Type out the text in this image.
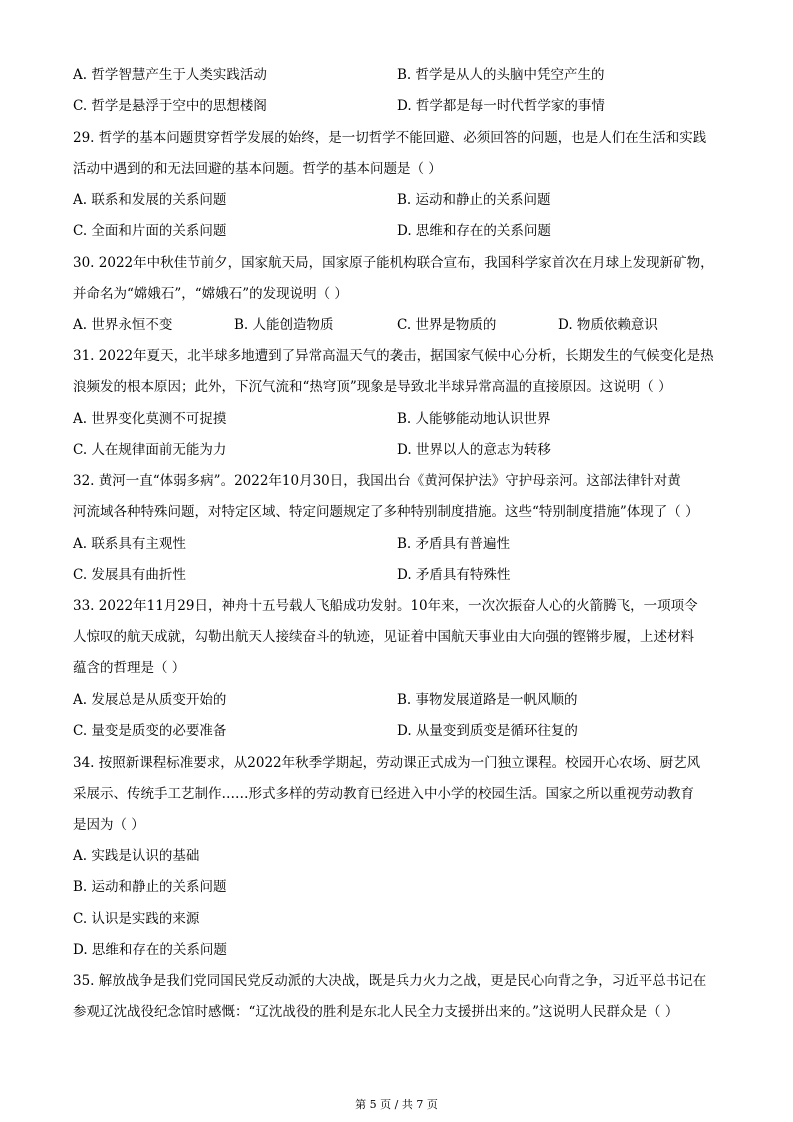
A. 哲学智慧产生于人类实践活动	B. 哲学是从人的头脑中凭空产生的
C. 哲学是悬浮于空中的思想楼阁	D. 哲学都是每一时代哲学家的事情
29. 哲学的基本问题贯穿哲学发展的始终，是一切哲学不能回避、必须回答的问题，也是人们在生活和实践
活动中遇到的和无法回避的基本问题。哲学的基本问题是（ ）
A. 联系和发展的关系问题	B. 运动和静止的关系问题
C. 全面和片面的关系问题	D. 思维和存在的关系问题
30. 2022年中秋佳节前夕，国家航天局，国家原子能机构联合宣布，我国科学家首次在月球上发现新矿物，
并命名为“嫦娥石”，“嫦娥石”的发现说明（ ）
A. 世界永恒不变	B. 人能创造物质	C. 世界是物质的	D. 物质依赖意识
31. 2022年夏天，北半球多地遭到了异常高温天气的袭击，据国家气候中心分析，长期发生的气候变化是热
浪频发的根本原因；此外，下沉气流和“热穹顶”现象是导致北半球异常高温的直接原因。这说明（ ）
A. 世界变化莫测不可捉摸	B. 人能够能动地认识世界
C. 人在规律面前无能为力	D. 世界以人的意志为转移
32. 黄河一直“体弱多病”。2022年10月30日，我国出台《黄河保护法》守护母亲河。这部法律针对黄
河流域各种特殊问题，对特定区域、特定问题规定了多种特别制度措施。这些“特别制度措施”体现了（ ）
A. 联系具有主观性	B. 矛盾具有普遍性
C. 发展具有曲折性	D. 矛盾具有特殊性
33. 2022年11月29日，神舟十五号载人飞船成功发射。10年来，一次次振奋人心的火箭腾飞，一项项令
人惊叹的航天成就，勾勒出航天人接续奋斗的轨迹，见证着中国航天事业由大向强的铿锵步履，上述材料
蕴含的哲理是（ ）
A. 发展总是从质变开始的	B. 事物发展道路是一帆风顺的
C. 量变是质变的必要准备	D. 从量变到质变是循环往复的
34. 按照新课程标准要求，从2022年秋季学期起，劳动课正式成为一门独立课程。校园开心农场、厨艺风
采展示、传统手工艺制作……形式多样的劳动教育已经进入中小学的校园生活。国家之所以重视劳动教育
是因为（ ）
A. 实践是认识的基础
B. 运动和静止的关系问题
C. 认识是实践的来源
D. 思维和存在的关系问题
35. 解放战争是我们党同国民党反动派的大决战，既是兵力火力之战，更是民心向背之争，习近平总书记在
参观辽沈战役纪念馆时感慨：“辽沈战役的胜利是东北人民全力支援拼出来的。”这说明人民群众是（ ）
第 5 页 / 共 7 页
